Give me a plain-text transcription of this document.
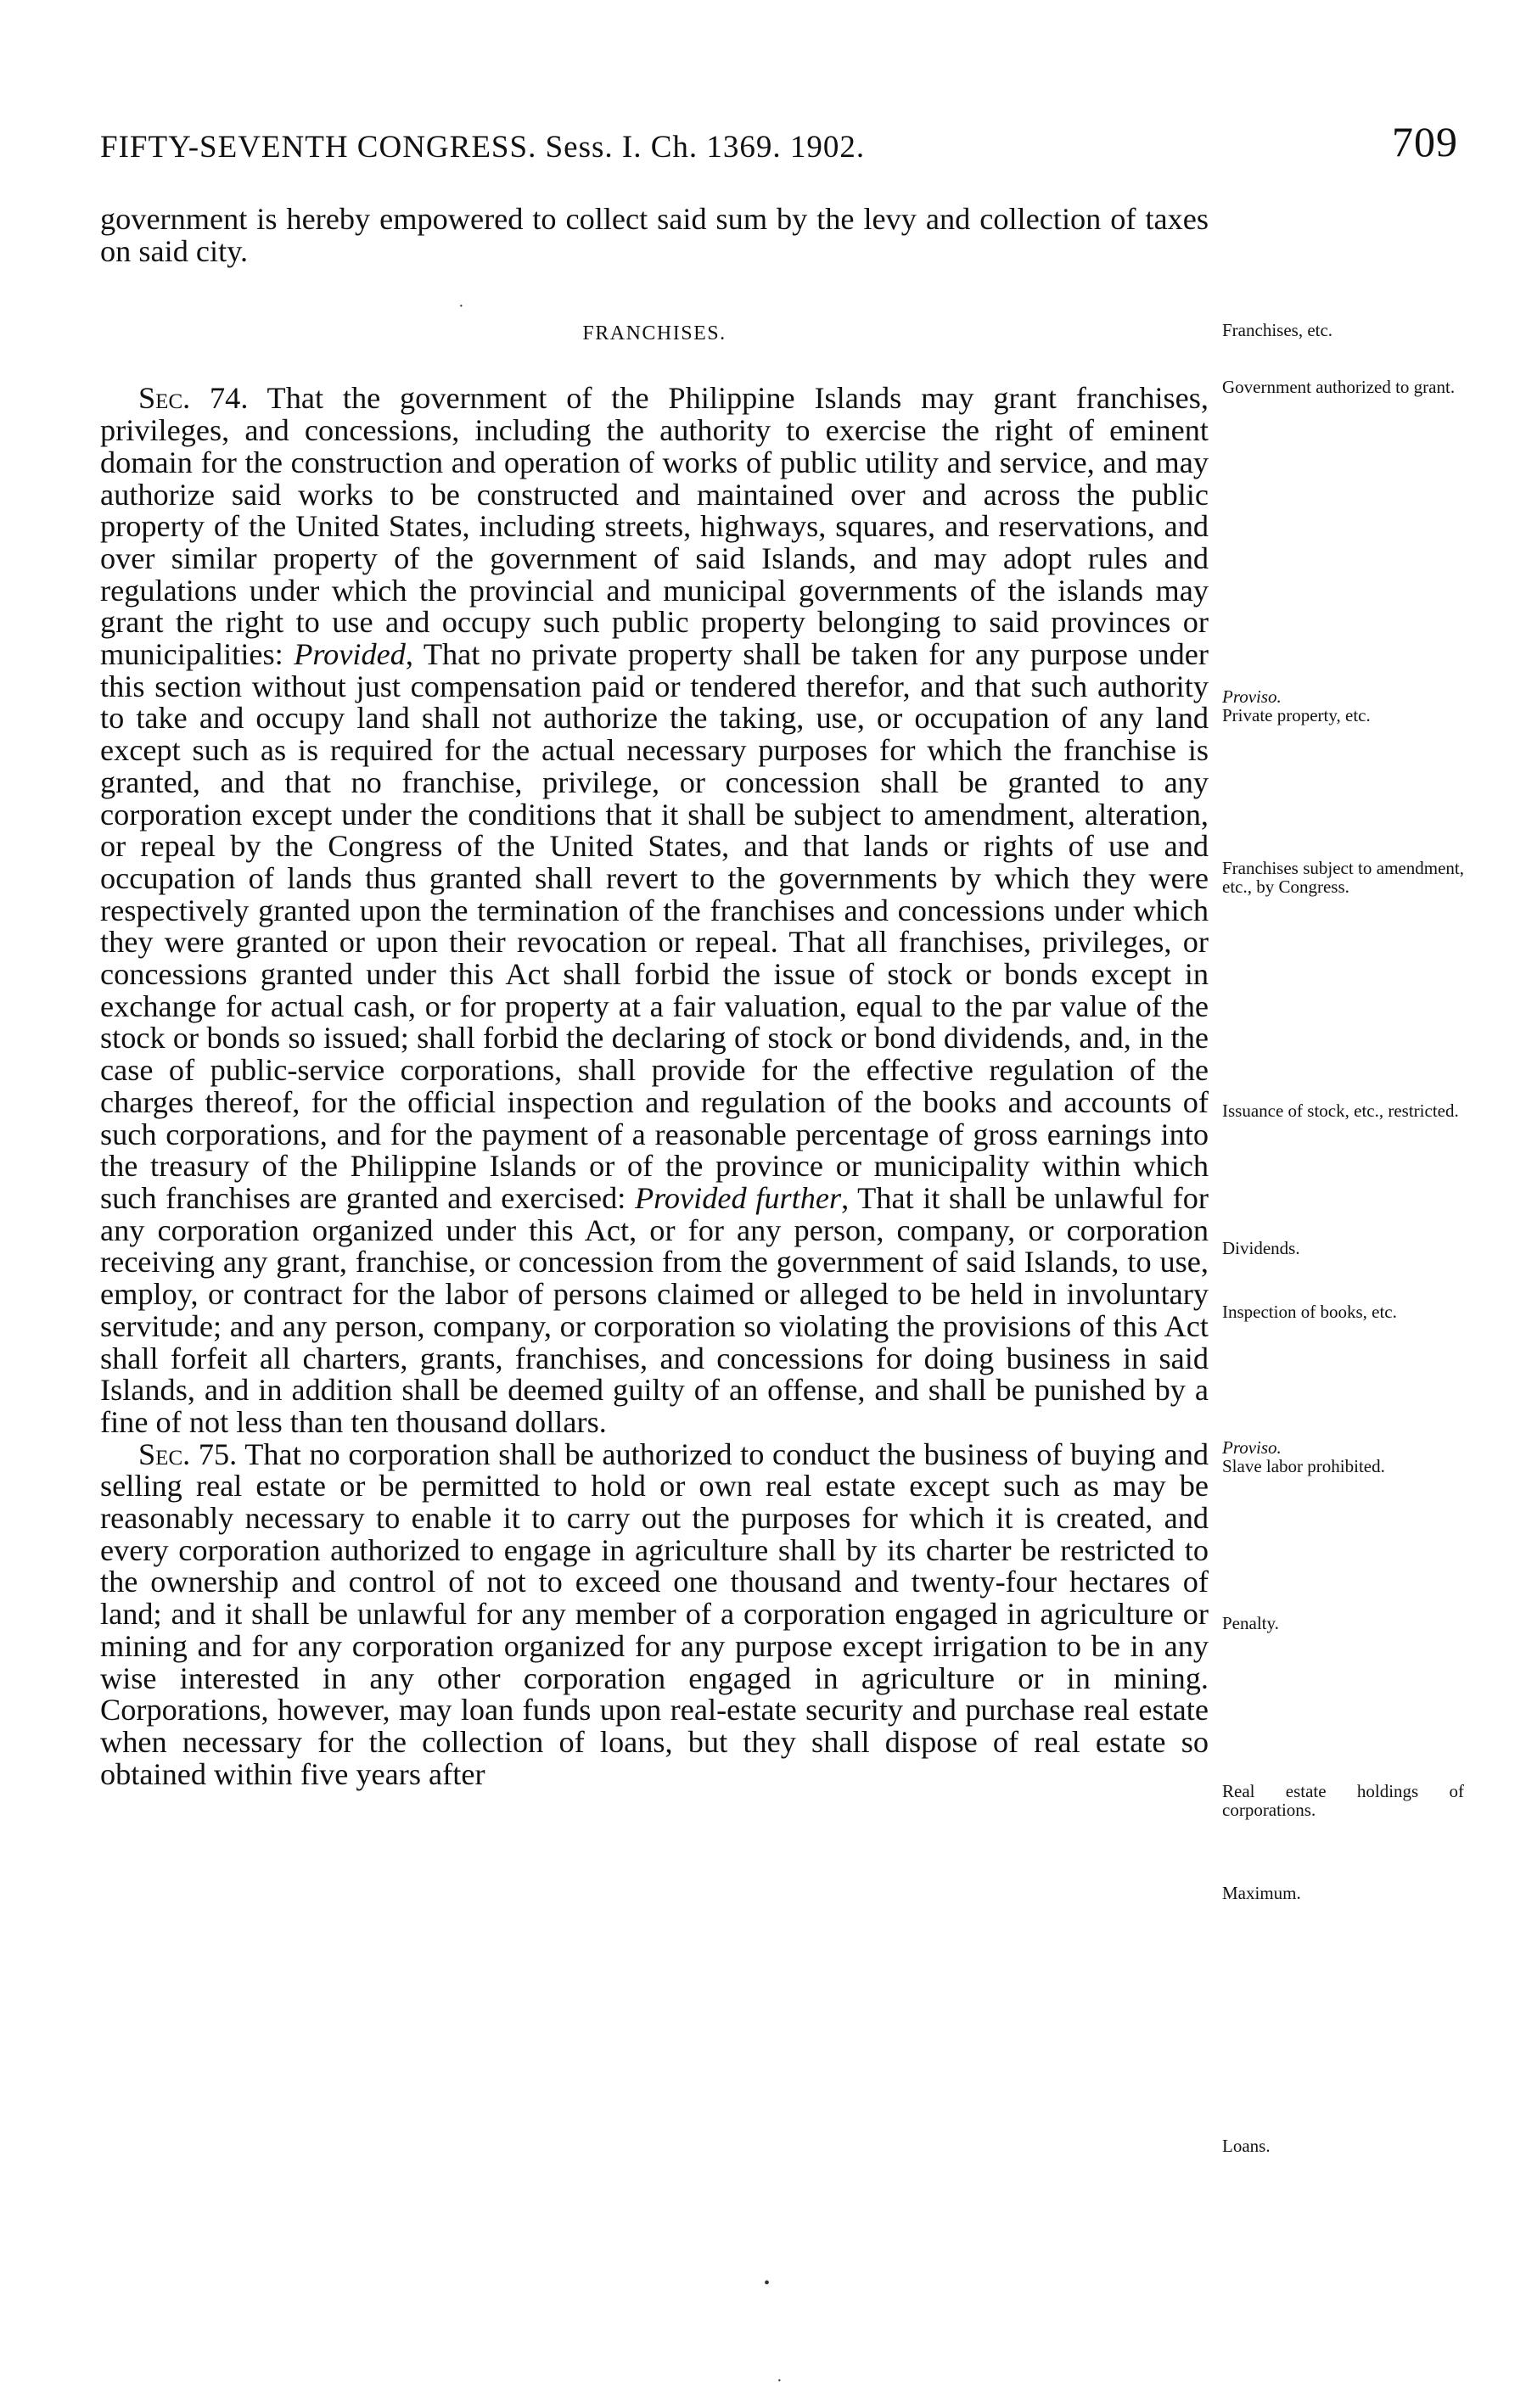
FIFTY-SEVENTH CONGRESS. Sess. I. Ch. 1369. 1902.	709

government is hereby empowered to collect said sum by the levy and collection of taxes on said city.

FRANCHISES.

Sec. 74. That the government of the Philippine Islands may grant franchises, privileges, and concessions, including the authority to exercise the right of eminent domain for the construction and operation of works of public utility and service, and may authorize said works to be constructed and maintained over and across the public property of the United States, including streets, highways, squares, and reservations, and over similar property of the government of said Islands, and may adopt rules and regulations under which the provincial and municipal governments of the islands may grant the right to use and occupy such public property belonging to said provinces or municipalities: Provided, That no private property shall be taken for any purpose under this section without just compensation paid or tendered therefor, and that such authority to take and occupy land shall not authorize the taking, use, or occupation of any land except such as is required for the actual necessary purposes for which the franchise is granted, and that no franchise, privilege, or concession shall be granted to any corporation except under the conditions that it shall be subject to amendment, alteration, or repeal by the Congress of the United States, and that lands or rights of use and occupation of lands thus granted shall revert to the governments by which they were respectively granted upon the termination of the franchises and concessions under which they were granted or upon their revocation or repeal. That all franchises, privileges, or concessions granted under this Act shall forbid the issue of stock or bonds except in exchange for actual cash, or for property at a fair valuation, equal to the par value of the stock or bonds so issued; shall forbid the declaring of stock or bond dividends, and, in the case of public-service corporations, shall provide for the effective regulation of the charges thereof, for the official inspection and regulation of the books and accounts of such corporations, and for the payment of a reasonable percentage of gross earnings into the treasury of the Philippine Islands or of the province or municipality within which such franchises are granted and exercised: Provided further, That it shall be unlawful for any corporation organized under this Act, or for any person, company, or corporation receiving any grant, franchise, or concession from the government of said Islands, to use, employ, or contract for the labor of persons claimed or alleged to be held in involuntary servitude; and any person, company, or corporation so violating the provisions of this Act shall forfeit all charters, grants, franchises, and concessions for doing business in said Islands, and in addition shall be deemed guilty of an offense, and shall be punished by a fine of not less than ten thousand dollars.

Sec. 75. That no corporation shall be authorized to conduct the business of buying and selling real estate or be permitted to hold or own real estate except such as may be reasonably necessary to enable it to carry out the purposes for which it is created, and every corporation authorized to engage in agriculture shall by its charter be restricted to the ownership and control of not to exceed one thousand and twenty-four hectares of land; and it shall be unlawful for any member of a corporation engaged in agriculture or mining and for any corporation organized for any purpose except irrigation to be in any wise interested in any other corporation engaged in agriculture or in mining. Corporations, however, may loan funds upon real-estate security and purchase real estate when necessary for the collection of loans, but they shall dispose of real estate so obtained within five years after

Franchises, etc.
Government authorized to grant.
Proviso.
Private property, etc.
Franchises subject to amendment, etc., by Congress.
Issuance of stock, etc., restricted.
Dividends.
Inspection of books, etc.
Proviso.
Slave labor prohibited.
Penalty.
Real estate holdings of corporations.
Maximum.
Loans.
·
•
·
